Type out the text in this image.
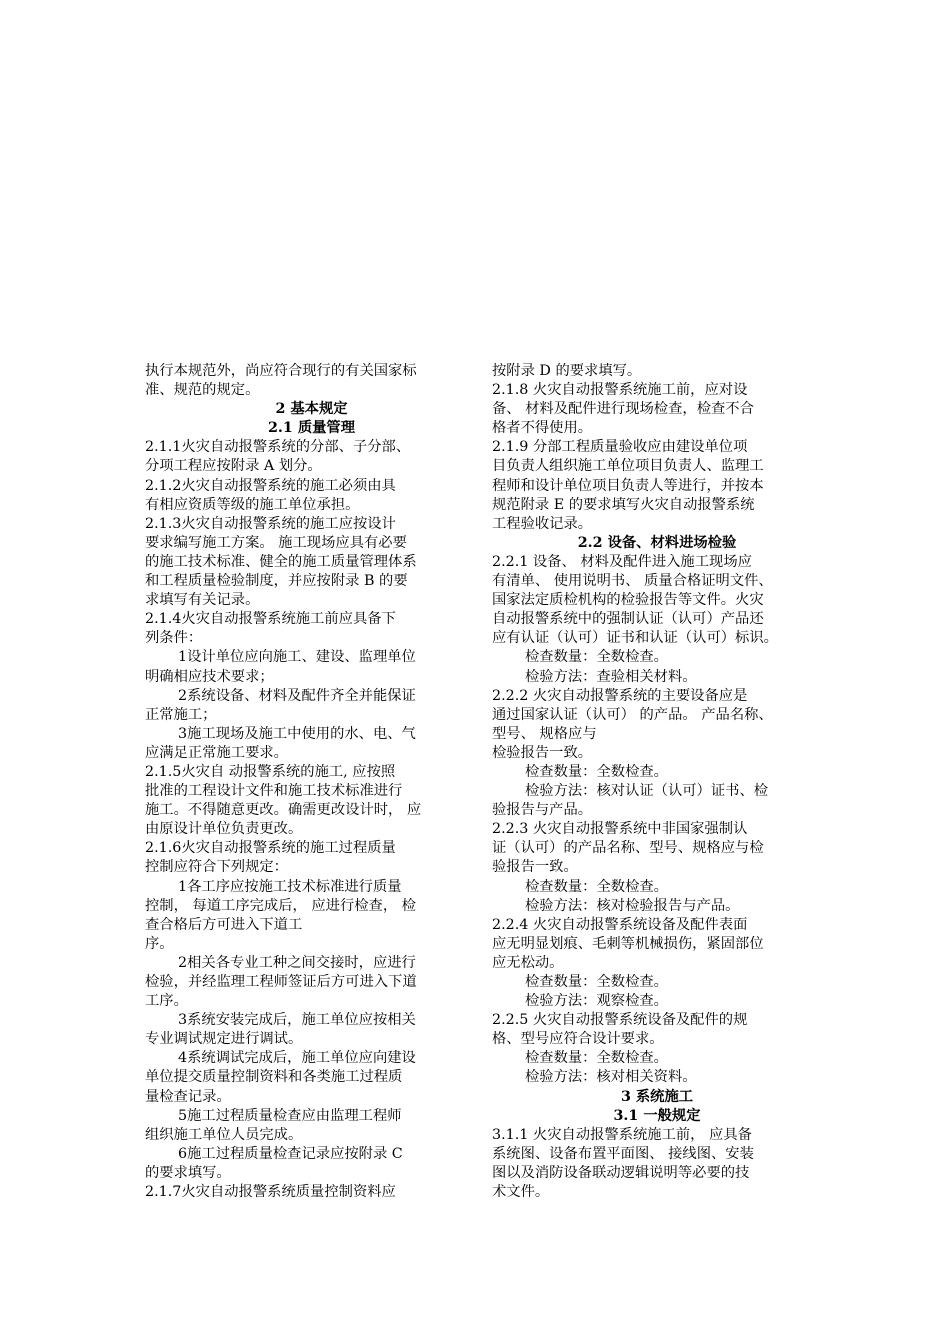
执行本规范外，尚应符合现行的有关国家标
准、规范的规定。
2 基本规定
2.1 质量管理
2.1.1火灾自动报警系统的分部、子分部、
分项工程应按附录 A 划分。
2.1.2火灾自动报警系统的施工必须由具
有相应资质等级的施工单位承担。
2.1.3火灾自动报警系统的施工应按设计
要求编写施工方案。 施工现场应具有必要
的施工技术标准、健全的施工质量管理体系
和工程质量检验制度，并应按附录 B 的要
求填写有关记录。
2.1.4火灾自动报警系统施工前应具备下
列条件：
1设计单位应向施工、建设、监理单位
明确相应技术要求；
2系统设备、材料及配件齐全并能保证
正常施工；
3施工现场及施工中使用的水、电、气
应满足正常施工要求。
2.1.5火灾自 动报警系统的施工, 应按照
批准的工程设计文件和施工技术标准进行
施工。不得随意更改。确需更改设计时， 应
由原设计单位负责更改。
2.1.6火灾自动报警系统的施工过程质量
控制应符合下列规定：
1各工序应按施工技术标准进行质量
控制， 每道工序完成后， 应进行检查， 检
查合格后方可进入下道工
序。
2相关各专业工种之间交接时，应进行
检验，并经监理工程师签证后方可进入下道
工序。
3系统安装完成后，施工单位应按相关
专业调试规定进行调试。
4系统调试完成后，施工单位应向建设
单位提交质量控制资料和各类施工过程质
量检查记录。
5施工过程质量检查应由监理工程师
组织施工单位人员完成。
6施工过程质量检查记录应按附录 C
的要求填写。
2.1.7火灾自动报警系统质量控制资料应
按附录 D 的要求填写。
2.1.8 火灾自动报警系统施工前，应对设
备、 材料及配件进行现场检查，检查不合
格者不得使用。
2.1.9 分部工程质量验收应由建设单位项
目负责人组织施工单位项目负责人、监理工
程师和设计单位项目负责人等进行，并按本
规范附录 E 的要求填写火灾自动报警系统
工程验收记录。
2.2 设备、材料进场检验
2.2.1 设备、 材料及配件进入施工现场应
有清单、 使用说明书、 质量合格证明文件、
国家法定质检机构的检验报告等文件。火灾
自动报警系统中的强制认证（认可）产品还
应有认证（认可）证书和认证（认可）标识。
检查数量：全数检查。
检验方法：查验相关材料。
2.2.2 火灾自动报警系统的主要设备应是
通过国家认证（认可） 的产品。 产品名称、
型号、 规格应与
检验报告一致。
检查数量：全数检查。
检验方法：核对认证（认可）证书、检
验报告与产品。
2.2.3 火灾自动报警系统中非国家强制认
证（认可）的产品名称、型号、规格应与检
验报告一致。
检查数量：全数检查。
检验方法：核对检验报告与产品。
2.2.4 火灾自动报警系统设备及配件表面
应无明显划痕、毛刺等机械损伤，紧固部位
应无松动。
检查数量：全数检查。
检验方法：观察检查。
2.2.5 火灾自动报警系统设备及配件的规
格、型号应符合设计要求。
检查数量：全数检查。
检验方法：核对相关资料。
3 系统施工
3.1 一般规定
3.1.1 火灾自动报警系统施工前， 应具备
系统图、设备布置平面图、 接线图、安装
图以及消防设备联动逻辑说明等必要的技
术文件。
